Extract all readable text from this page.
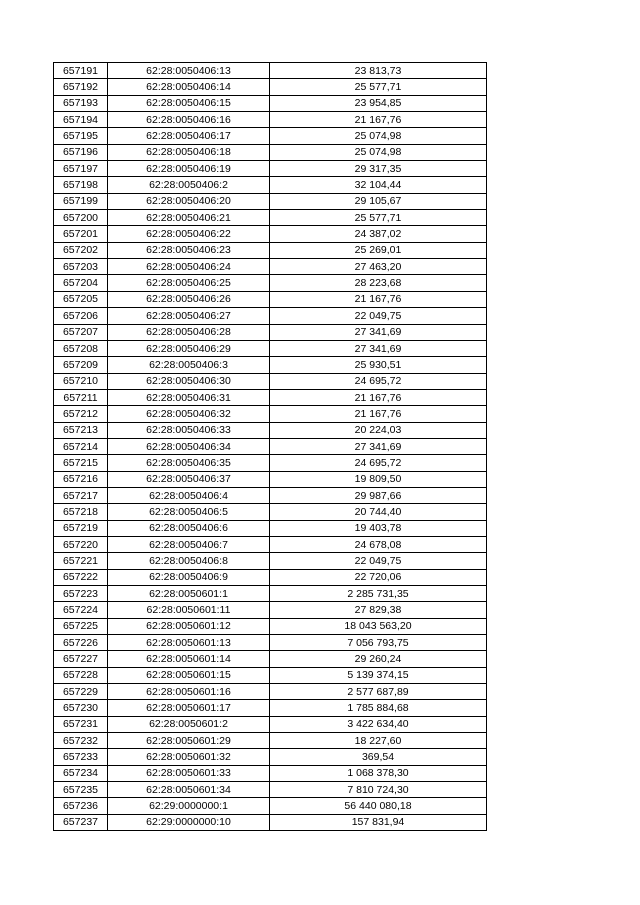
657191	62:28:0050406:13	23 813,73
657192	62:28:0050406:14	25 577,71
657193	62:28:0050406:15	23 954,85
657194	62:28:0050406:16	21 167,76
657195	62:28:0050406:17	25 074,98
657196	62:28:0050406:18	25 074,98
657197	62:28:0050406:19	29 317,35
657198	62:28:0050406:2	32 104,44
657199	62:28:0050406:20	29 105,67
657200	62:28:0050406:21	25 577,71
657201	62:28:0050406:22	24 387,02
657202	62:28:0050406:23	25 269,01
657203	62:28:0050406:24	27 463,20
657204	62:28:0050406:25	28 223,68
657205	62:28:0050406:26	21 167,76
657206	62:28:0050406:27	22 049,75
657207	62:28:0050406:28	27 341,69
657208	62:28:0050406:29	27 341,69
657209	62:28:0050406:3	25 930,51
657210	62:28:0050406:30	24 695,72
657211	62:28:0050406:31	21 167,76
657212	62:28:0050406:32	21 167,76
657213	62:28:0050406:33	20 224,03
657214	62:28:0050406:34	27 341,69
657215	62:28:0050406:35	24 695,72
657216	62:28:0050406:37	19 809,50
657217	62:28:0050406:4	29 987,66
657218	62:28:0050406:5	20 744,40
657219	62:28:0050406:6	19 403,78
657220	62:28:0050406:7	24 678,08
657221	62:28:0050406:8	22 049,75
657222	62:28:0050406:9	22 720,06
657223	62:28:0050601:1	2 285 731,35
657224	62:28:0050601:11	27 829,38
657225	62:28:0050601:12	18 043 563,20
657226	62:28:0050601:13	7 056 793,75
657227	62:28:0050601:14	29 260,24
657228	62:28:0050601:15	5 139 374,15
657229	62:28:0050601:16	2 577 687,89
657230	62:28:0050601:17	1 785 884,68
657231	62:28:0050601:2	3 422 634,40
657232	62:28:0050601:29	18 227,60
657233	62:28:0050601:32	369,54
657234	62:28:0050601:33	1 068 378,30
657235	62:28:0050601:34	7 810 724,30
657236	62:29:0000000:1	56 440 080,18
657237	62:29:0000000:10	157 831,94
